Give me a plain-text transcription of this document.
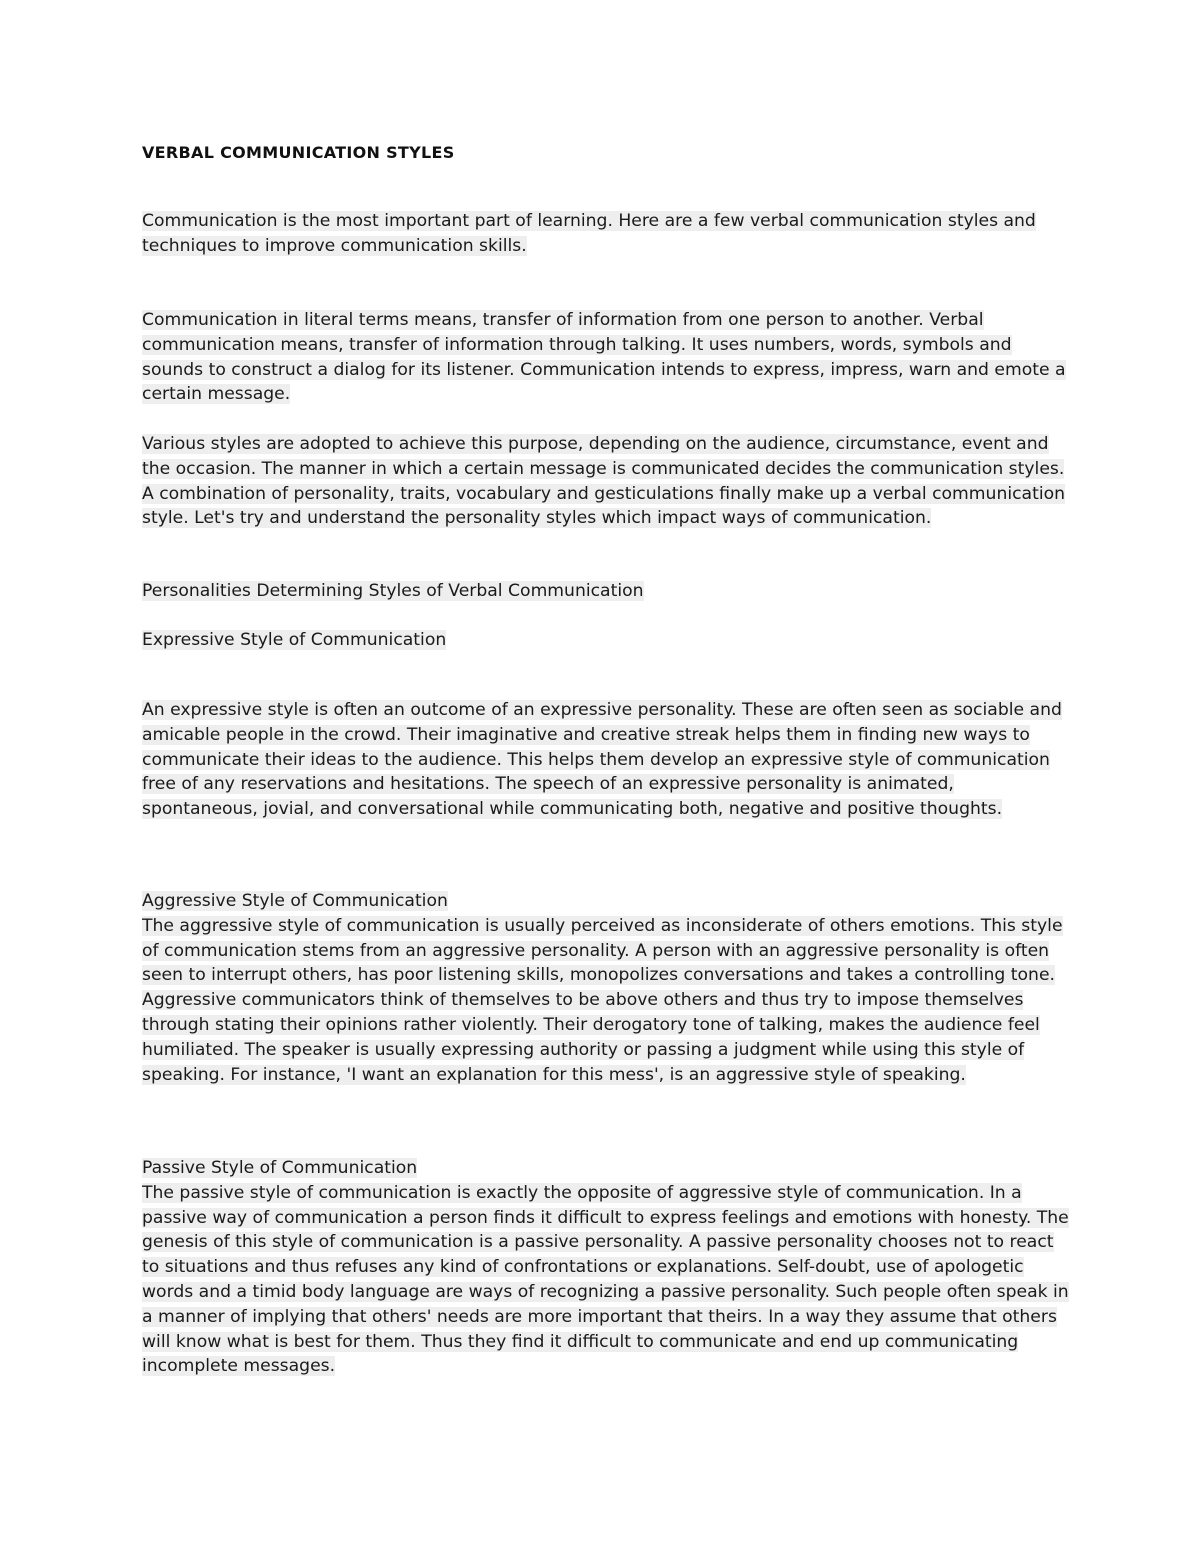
VERBAL COMMUNICATION STYLES

Communication is the most important part of learning. Here are a few verbal communication styles and techniques to improve communication skills.

Communication in literal terms means, transfer of information from one person to another. Verbal communication means, transfer of information through talking. It uses numbers, words, symbols and sounds to construct a dialog for its listener. Communication intends to express, impress, warn and emote a certain message.

Various styles are adopted to achieve this purpose, depending on the audience, circumstance, event and the occasion. The manner in which a certain message is communicated decides the communication styles. A combination of personality, traits, vocabulary and gesticulations finally make up a verbal communication style. Let's try and understand the personality styles which impact ways of communication.

Personalities Determining Styles of Verbal Communication

Expressive Style of Communication

An expressive style is often an outcome of an expressive personality. These are often seen as sociable and amicable people in the crowd. Their imaginative and creative streak helps them in finding new ways to communicate their ideas to the audience. This helps them develop an expressive style of communication free of any reservations and hesitations. The speech of an expressive personality is animated, spontaneous, jovial, and conversational while communicating both, negative and positive thoughts.

Aggressive Style of Communication
The aggressive style of communication is usually perceived as inconsiderate of others emotions. This style of communication stems from an aggressive personality. A person with an aggressive personality is often seen to interrupt others, has poor listening skills, monopolizes conversations and takes a controlling tone. Aggressive communicators think of themselves to be above others and thus try to impose themselves through stating their opinions rather violently. Their derogatory tone of talking, makes the audience feel humiliated. The speaker is usually expressing authority or passing a judgment while using this style of speaking. For instance, 'I want an explanation for this mess', is an aggressive style of speaking.
Passive Style of Communication
The passive style of communication is exactly the opposite of aggressive style of communication. In a passive way of communication a person finds it difficult to express feelings and emotions with honesty. The genesis of this style of communication is a passive personality. A passive personality chooses not to react to situations and thus refuses any kind of confrontations or explanations. Self-doubt, use of apologetic words and a timid body language are ways of recognizing a passive personality. Such people often speak in a manner of implying that others' needs are more important that theirs. In a way they assume that others will know what is best for them. Thus they find it difficult to communicate and end up communicating incomplete messages.
